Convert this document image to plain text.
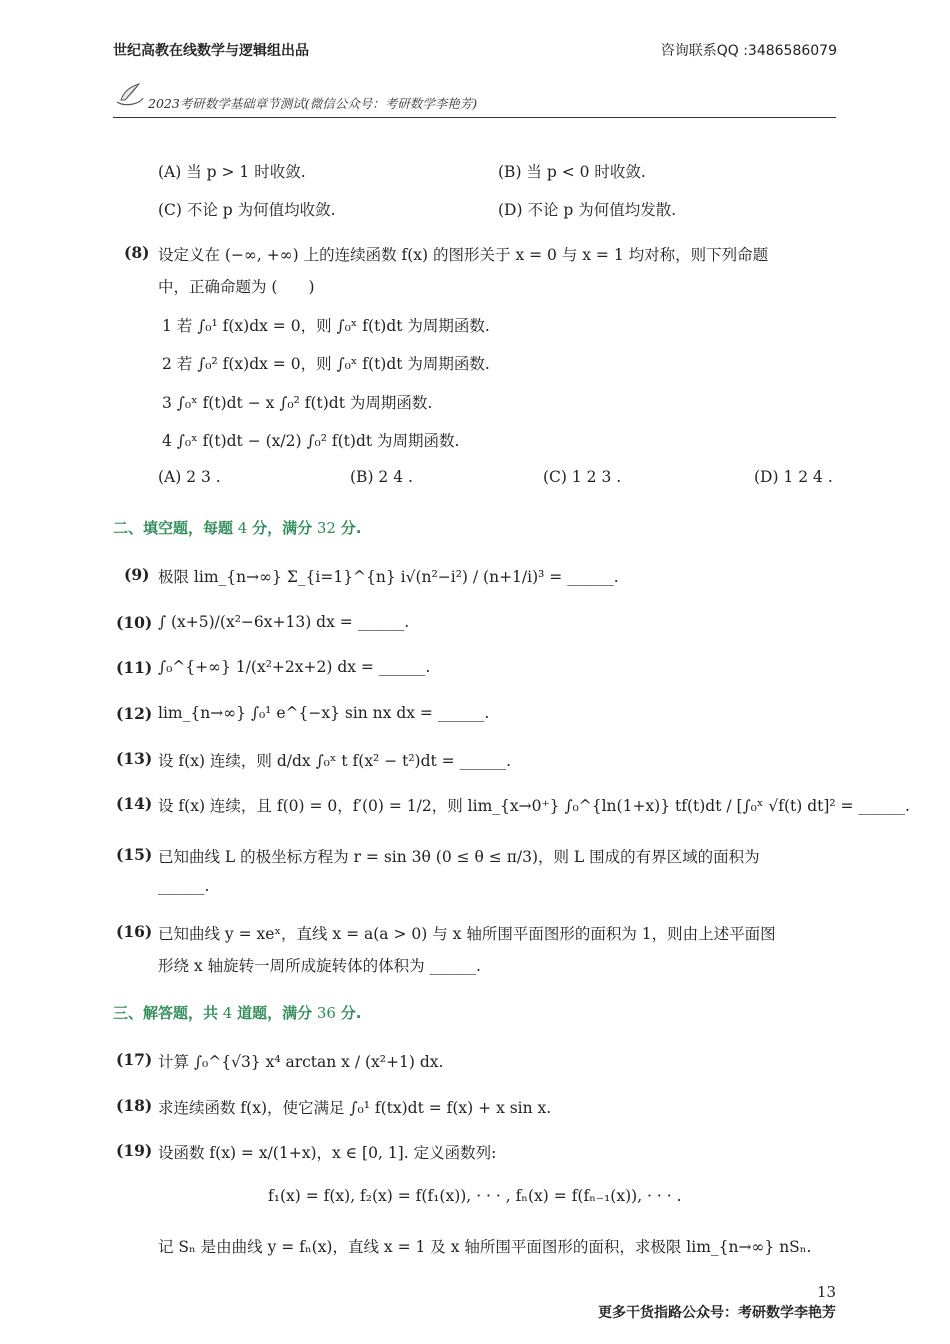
世纪高教在线数学与逻辑组出品	咨询联系QQ :3486586079
2023考研数学基础章节测试(微信公众号：考研数学李艳芳)
(A) 当 p > 1 时收敛.	(B) 当 p < 0 时收敛.
(C) 不论 p 为何值均收敛.	(D) 不论 p 为何值均发散.
(8) 设定义在 (−∞, +∞) 上的连续函数 f(x) 的图形关于 x = 0 与 x = 1 均对称，则下列命题
中，正确命题为 (　　)
1 若 ∫₀¹ f(x)dx = 0，则 ∫₀ˣ f(t)dt 为周期函数.
2 若 ∫₀² f(x)dx = 0，则 ∫₀ˣ f(t)dt 为周期函数.
3 ∫₀ˣ f(t)dt − x ∫₀² f(t)dt 为周期函数.
4 ∫₀ˣ f(t)dt − (x/2) ∫₀² f(t)dt 为周期函数.
(A) 2 3 .	(B) 2 4 .	(C) 1 2 3 .	(D) 1 2 4 .
二、填空题，每题 4 分，满分 32 分.
(9) 极限 lim_{n→∞} Σ_{i=1}^{n} i√(n²−i²) / (n+1/i)³ = ______.
(10) ∫ (x+5)/(x²−6x+13) dx = ______.
(11) ∫₀^{+∞} 1/(x²+2x+2) dx = ______.
(12) lim_{n→∞} ∫₀¹ e^{−x} sin nx dx = ______.
(13) 设 f(x) 连续，则 d/dx ∫₀ˣ t f(x² − t²)dt = ______.
(14) 设 f(x) 连续，且 f(0) = 0，f′(0) = 1/2，则 lim_{x→0⁺} ∫₀^{ln(1+x)} tf(t)dt / [∫₀ˣ √f(t) dt]² = ______.
(15) 已知曲线 L 的极坐标方程为 r = sin 3θ (0 ≤ θ ≤ π/3)，则 L 围成的有界区域的面积为
______.
(16) 已知曲线 y = xeˣ，直线 x = a(a > 0) 与 x 轴所围平面图形的面积为 1，则由上述平面图
形绕 x 轴旋转一周所成旋转体的体积为 ______.
三、解答题，共 4 道题，满分 36 分.
(17) 计算 ∫₀^{√3} x⁴ arctan x / (x²+1) dx.
(18) 求连续函数 f(x)，使它满足 ∫₀¹ f(tx)dt = f(x) + x sin x.
(19) 设函数 f(x) = x/(1+x)，x ∈ [0, 1]. 定义函数列:
f₁(x) = f(x), f₂(x) = f(f₁(x)), · · · , fₙ(x) = f(fₙ₋₁(x)), · · · .
记 Sₙ 是由曲线 y = fₙ(x)，直线 x = 1 及 x 轴所围平面图形的面积，求极限 lim_{n→∞} nSₙ.
13
更多干货指路公众号：考研数学李艳芳
